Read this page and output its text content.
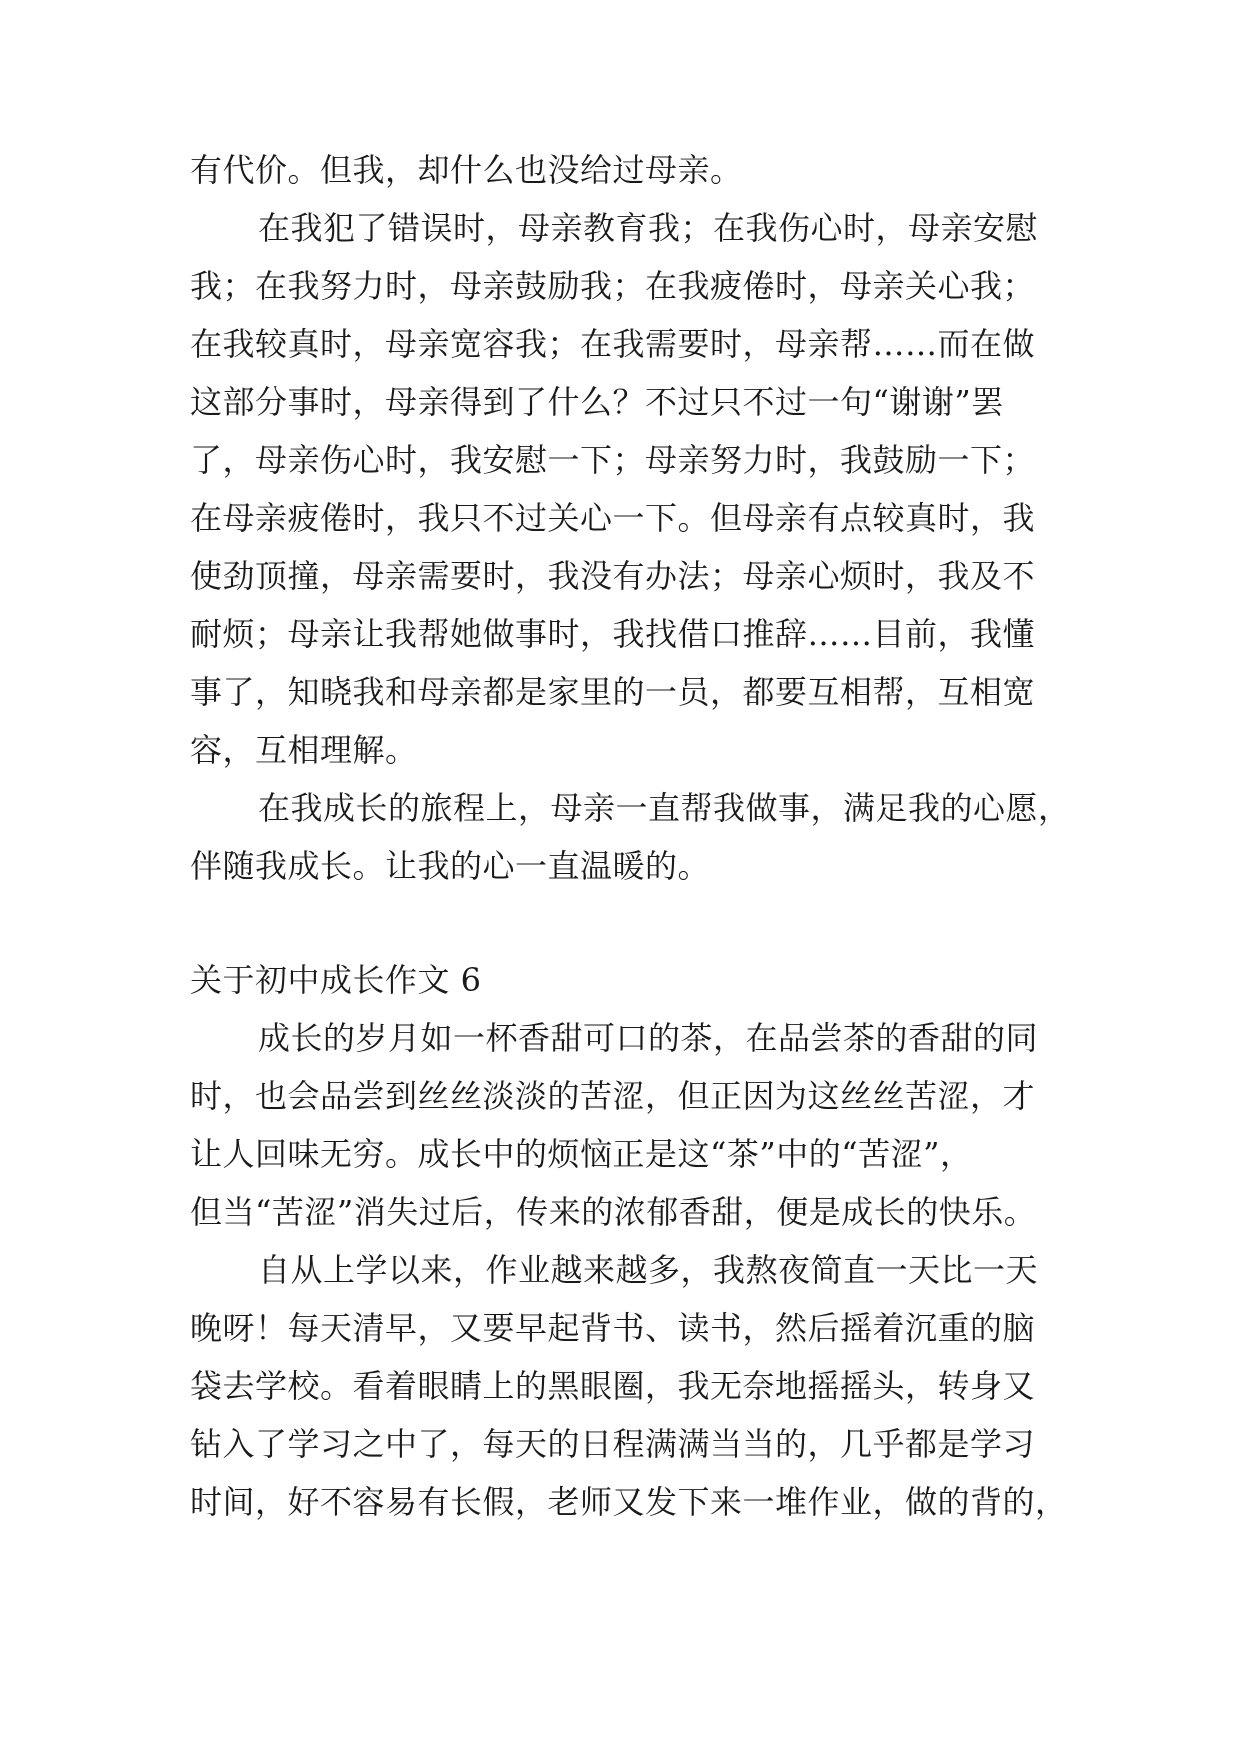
有代价。但我，却什么也没给过母亲。
在我犯了错误时，母亲教育我；在我伤心时，母亲安慰
我；在我努力时，母亲鼓励我；在我疲倦时，母亲关心我；
在我较真时，母亲宽容我；在我需要时，母亲帮……而在做
这部分事时，母亲得到了什么？不过只不过一句“谢谢”罢
了，母亲伤心时，我安慰一下；母亲努力时，我鼓励一下；
在母亲疲倦时，我只不过关心一下。但母亲有点较真时，我
使劲顶撞，母亲需要时，我没有办法；母亲心烦时，我及不
耐烦；母亲让我帮她做事时，我找借口推辞……目前，我懂
事了，知晓我和母亲都是家里的一员，都要互相帮，互相宽
容，互相理解。
在我成长的旅程上，母亲一直帮我做事，满足我的心愿，
伴随我成长。让我的心一直温暖的。
关于初中成长作文 6
成长的岁月如一杯香甜可口的茶，在品尝茶的香甜的同
时，也会品尝到丝丝淡淡的苦涩，但正因为这丝丝苦涩，才
让人回味无穷。成长中的烦恼正是这“茶”中的“苦涩”，
但当“苦涩”消失过后，传来的浓郁香甜，便是成长的快乐。
自从上学以来，作业越来越多，我熬夜简直一天比一天
晚呀！每天清早，又要早起背书、读书，然后摇着沉重的脑
袋去学校。看着眼睛上的黑眼圈，我无奈地摇摇头，转身又
钻入了学习之中了，每天的日程满满当当的，几乎都是学习
时间，好不容易有长假，老师又发下来一堆作业，做的背的，
